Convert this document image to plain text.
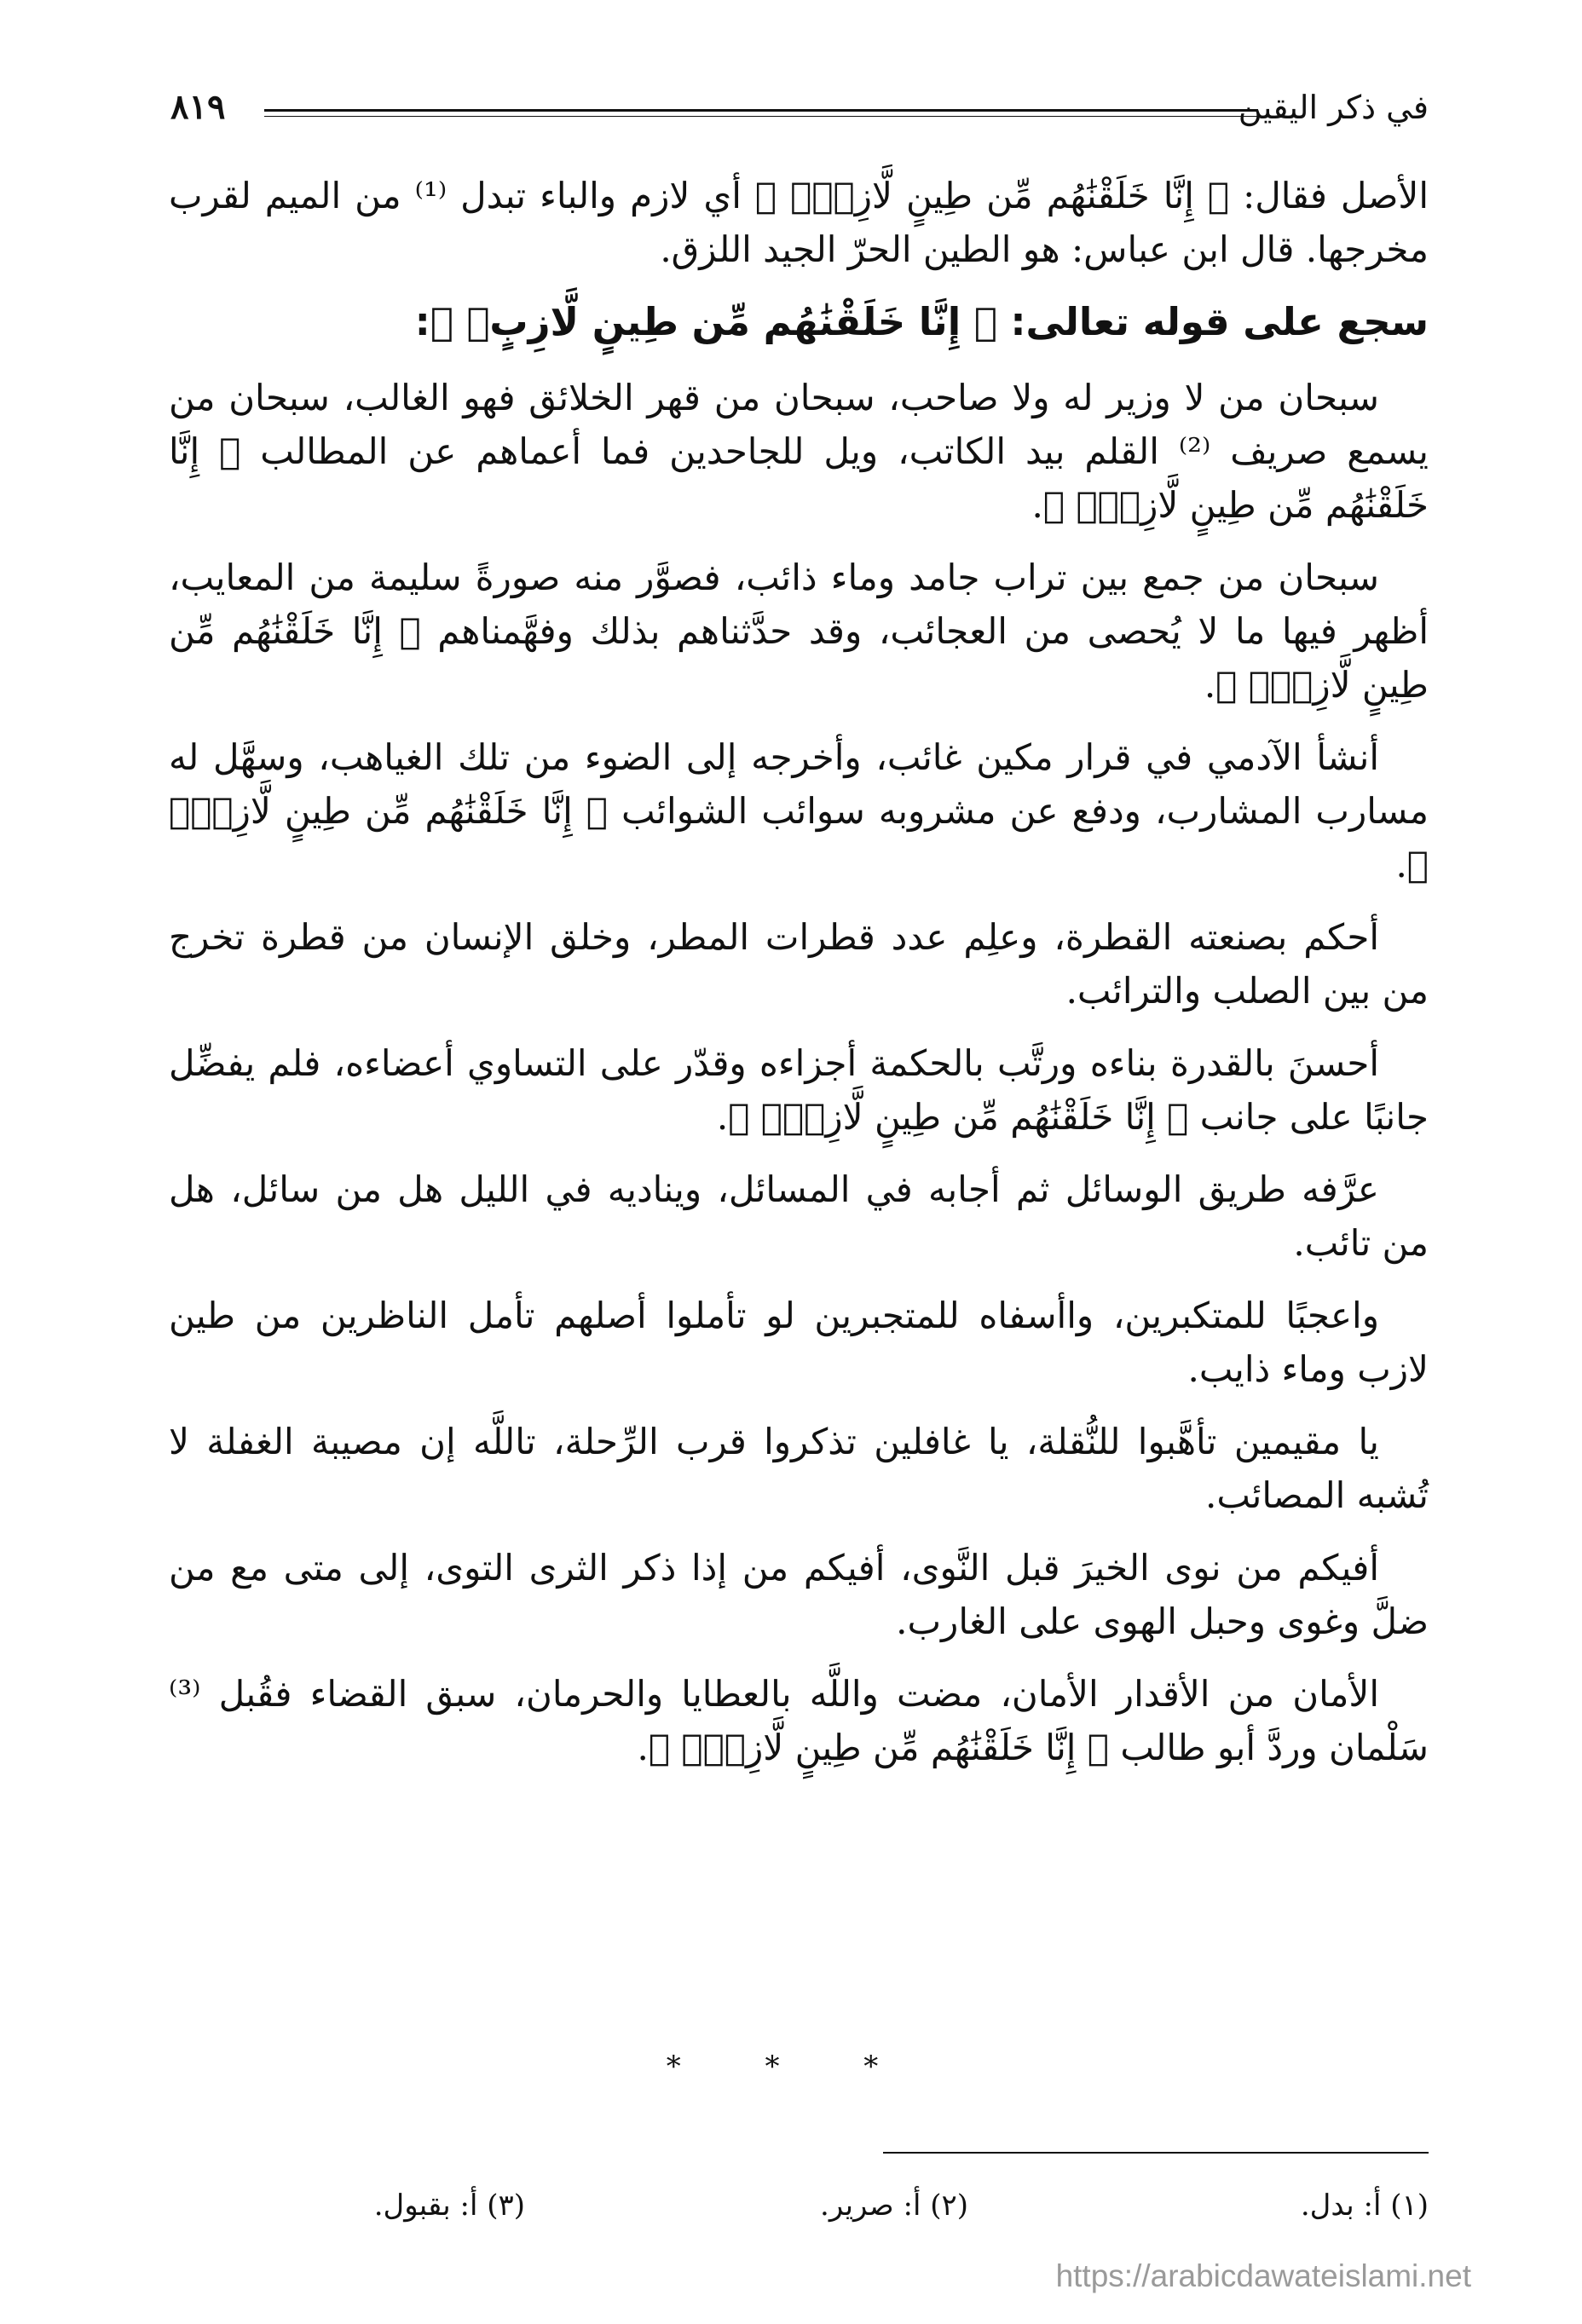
في ذكر اليقين
٨١٩

الأصل فقال: ﴿ إِنَّا خَلَقْنَٰهُم مِّن طِينٍ لَّازِبٍۭ ﴾ أي لازم والباء تبدل ⁽¹⁾ من الميم لقرب مخرجها. قال ابن عباس: هو الطين الحرّ الجيد اللزق.

سجع على قوله تعالى: ﴿ إِنَّا خَلَقْنَٰهُم مِّن طِينٍ لَّازِبٍۭ ﴾:

سبحان من لا وزير له ولا صاحب، سبحان من قهر الخلائق فهو الغالب، سبحان من يسمع صريف ⁽²⁾ القلم بيد الكاتب، ويل للجاحدين فما أعماهم عن المطالب ﴿ إِنَّا خَلَقْنَٰهُم مِّن طِينٍ لَّازِبٍۭ ﴾.

سبحان من جمع بين تراب جامد وماء ذائب، فصوَّر منه صورةً سليمة من المعايب، أظهر فيها ما لا يُحصى من العجائب، وقد حدَّثناهم بذلك وفهَّمناهم ﴿ إِنَّا خَلَقْنَٰهُم مِّن طِينٍ لَّازِبٍۭ ﴾.

أنشأ الآدمي في قرار مكين غائب، وأخرجه إلى الضوء من تلك الغياهب، وسهَّل له مسارب المشارب، ودفع عن مشروبه سوائب الشوائب ﴿ إِنَّا خَلَقْنَٰهُم مِّن طِينٍ لَّازِبٍۭ ﴾.

أحكم بصنعته القطرة، وعلِم عدد قطرات المطر، وخلق الإنسان من قطرة تخرج من بين الصلب والترائب.

أحسنَ بالقدرة بناءه ورتَّب بالحكمة أجزاءه وقدّر على التساوي أعضاءه، فلم يفضِّل جانبًا على جانب ﴿ إِنَّا خَلَقْنَٰهُم مِّن طِينٍ لَّازِبٍۭ ﴾.

عرَّفه طريق الوسائل ثم أجابه في المسائل، ويناديه في الليل هل من سائل، هل من تائب.

واعجبًا للمتكبرين، واأسفاه للمتجبرين لو تأملوا أصلهم تأمل الناظرين من طين لازب وماء ذايب.

يا مقيمين تأهَّبوا للنُّقلة، يا غافلين تذكروا قرب الرِّحلة، تاللَّه إن مصيبة الغفلة لا تُشبه المصائب.

أفيكم من نوى الخيرَ قبل النَّوى، أفيكم من إذا ذكر الثرى التوى، إلى متى مع من ضلَّ وغوى وحبل الهوى على الغارب.

الأمان من الأقدار الأمان، مضت واللَّه بالعطايا والحرمان، سبق القضاء فقُبل ⁽³⁾ سَلْمان وردَّ أبو طالب ﴿ إِنَّا خَلَقْنَٰهُم مِّن طِينٍ لَّازِبٍۭ ﴾.

* * *
(١) أ: بدل.
(٢) أ: صرير.
(٣) أ: بقبول.
https://arabicdawateislami.net
